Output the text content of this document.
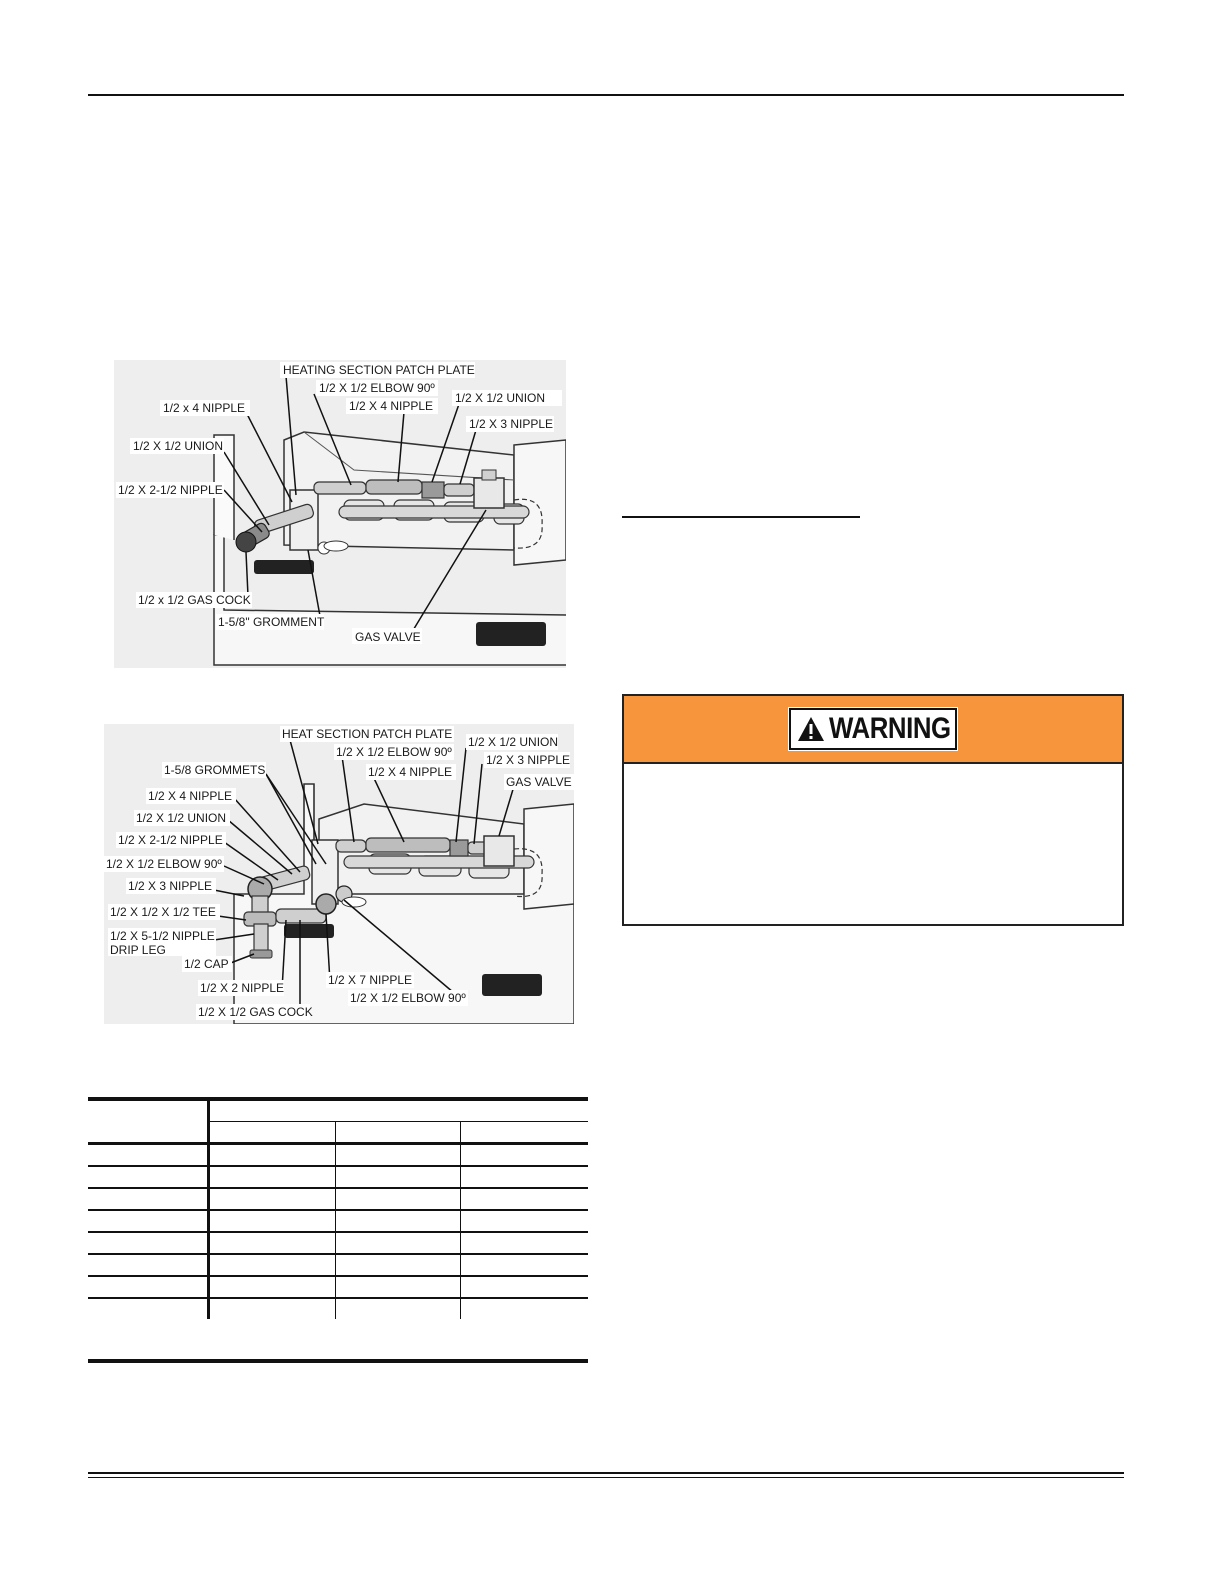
HEATING SECTION PATCH PLATE
1/2 X 1/2 ELBOW 90º
1/2 X 4 NIPPLE
1/2 X 1/2 UNION
1/2 X 3 NIPPLE
1/2 x 4 NIPPLE
1/2 X 1/2 UNION
1/2 X 2-1/2 NIPPLE
1/2 x 1/2 GAS COCK
1-5/8" GROMMENT
GAS VALVE
HEAT SECTION PATCH PLATE
1/2 X 1/2 ELBOW 90º
1/2 X 4 NIPPLE
1/2 X 1/2 UNION
1/2 X 3 NIPPLE
GAS VALVE
1-5/8 GROMMETS
1/2 X 4 NIPPLE
1/2 X 1/2 UNION
1/2 X 2-1/2 NIPPLE
1/2 X 1/2 ELBOW 90º
1/2 X 3 NIPPLE
1/2 X 1/2 X 1/2 TEE
1/2 X 5-1/2 NIPPLE
DRIP LEG
1/2 CAP
1/2 X 2 NIPPLE
1/2 X 1/2 GAS COCK
1/2 X 7 NIPPLE
1/2 X 1/2 ELBOW 90º
WARNING
